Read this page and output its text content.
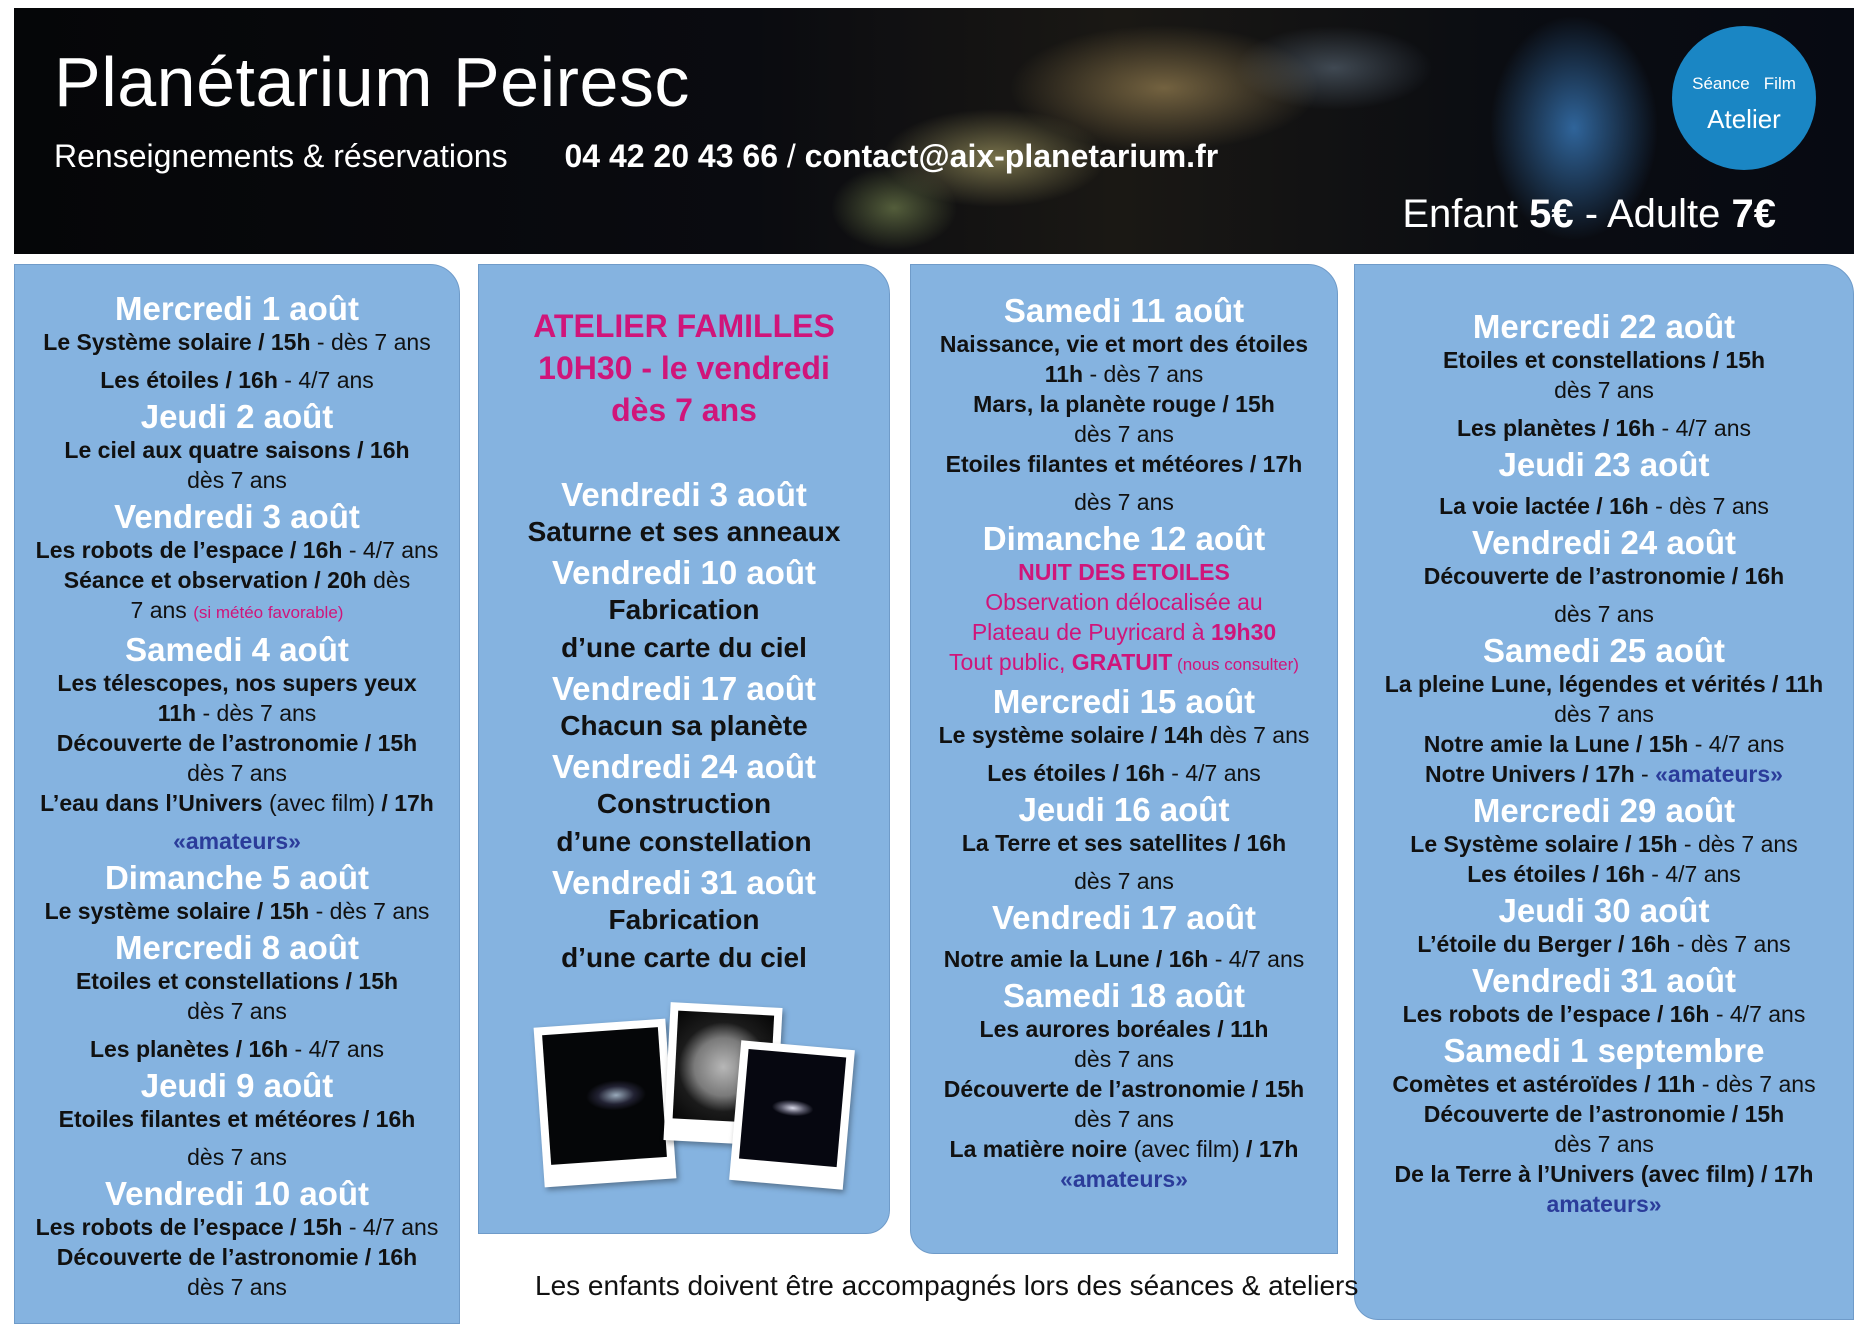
Planétarium Peiresc
Renseignements & réservations 04 42 20 43 66 / contact@aix-planetarium.fr
Séance Film
Atelier
Enfant 5€ - Adulte 7€
Mercredi 1 août
Le Système solaire / 15h - dès 7 ans
Les étoiles / 16h - 4/7 ans
Jeudi 2 août
Le ciel aux quatre saisons / 16h
dès 7 ans
Vendredi 3 août
Les robots de l’espace / 16h - 4/7 ans
Séance et observation / 20h dès
7 ans (si météo favorable)
Samedi 4 août
Les télescopes, nos supers yeux
11h - dès 7 ans
Découverte de l’astronomie / 15h
dès 7 ans
L’eau dans l’Univers (avec film) / 17h
«amateurs»
Dimanche 5 août
Le système solaire / 15h - dès 7 ans
Mercredi 8 août
Etoiles et constellations / 15h
dès 7 ans
Les planètes / 16h - 4/7 ans
Jeudi 9 août
Etoiles filantes et météores / 16h
dès 7 ans
Vendredi 10 août
Les robots de l’espace / 15h - 4/7 ans
Découverte de l’astronomie / 16h
dès 7 ans
ATELIER FAMILLES
10H30 - le vendredi
dès 7 ans
Vendredi 3 août
Saturne et ses anneaux
Vendredi 10 août
Fabrication
d’une carte du ciel
Vendredi 17 août
Chacun sa planète
Vendredi 24 août
Construction
d’une constellation
Vendredi 31 août
Fabrication
d’une carte du ciel
Samedi 11 août
Naissance, vie et mort des étoiles
11h - dès 7 ans
Mars, la planète rouge / 15h
dès 7 ans
Etoiles filantes et météores / 17h
dès 7 ans
Dimanche 12 août
NUIT DES ETOILES
Observation délocalisée au
Plateau de Puyricard à 19h30
Tout public, GRATUIT (nous consulter)
Mercredi 15 août
Le système solaire / 14h dès 7 ans
Les étoiles / 16h - 4/7 ans
Jeudi 16 août
La Terre et ses satellites / 16h
dès 7 ans
Vendredi 17 août
Notre amie la Lune / 16h - 4/7 ans
Samedi 18 août
Les aurores boréales / 11h
dès 7 ans
Découverte de l’astronomie / 15h
dès 7 ans
La matière noire (avec film) / 17h
«amateurs»
Mercredi 22 août
Etoiles et constellations / 15h
dès 7 ans
Les planètes / 16h - 4/7 ans
Jeudi 23 août
La voie lactée / 16h - dès 7 ans
Vendredi 24 août
Découverte de l’astronomie / 16h
dès 7 ans
Samedi 25 août
La pleine Lune, légendes et vérités / 11h
dès 7 ans
Notre amie la Lune / 15h - 4/7 ans
Notre Univers / 17h - «amateurs»
Mercredi 29 août
Le Système solaire / 15h - dès 7 ans
Les étoiles / 16h - 4/7 ans
Jeudi 30 août
L’étoile du Berger / 16h - dès 7 ans
Vendredi 31 août
Les robots de l’espace / 16h - 4/7 ans
Samedi 1 septembre
Comètes et astéroïdes / 11h - dès 7 ans
Découverte de l’astronomie / 15h
dès 7 ans
De la Terre à l’Univers (avec film) / 17h
amateurs»
Les enfants doivent être accompagnés lors des séances & ateliers
